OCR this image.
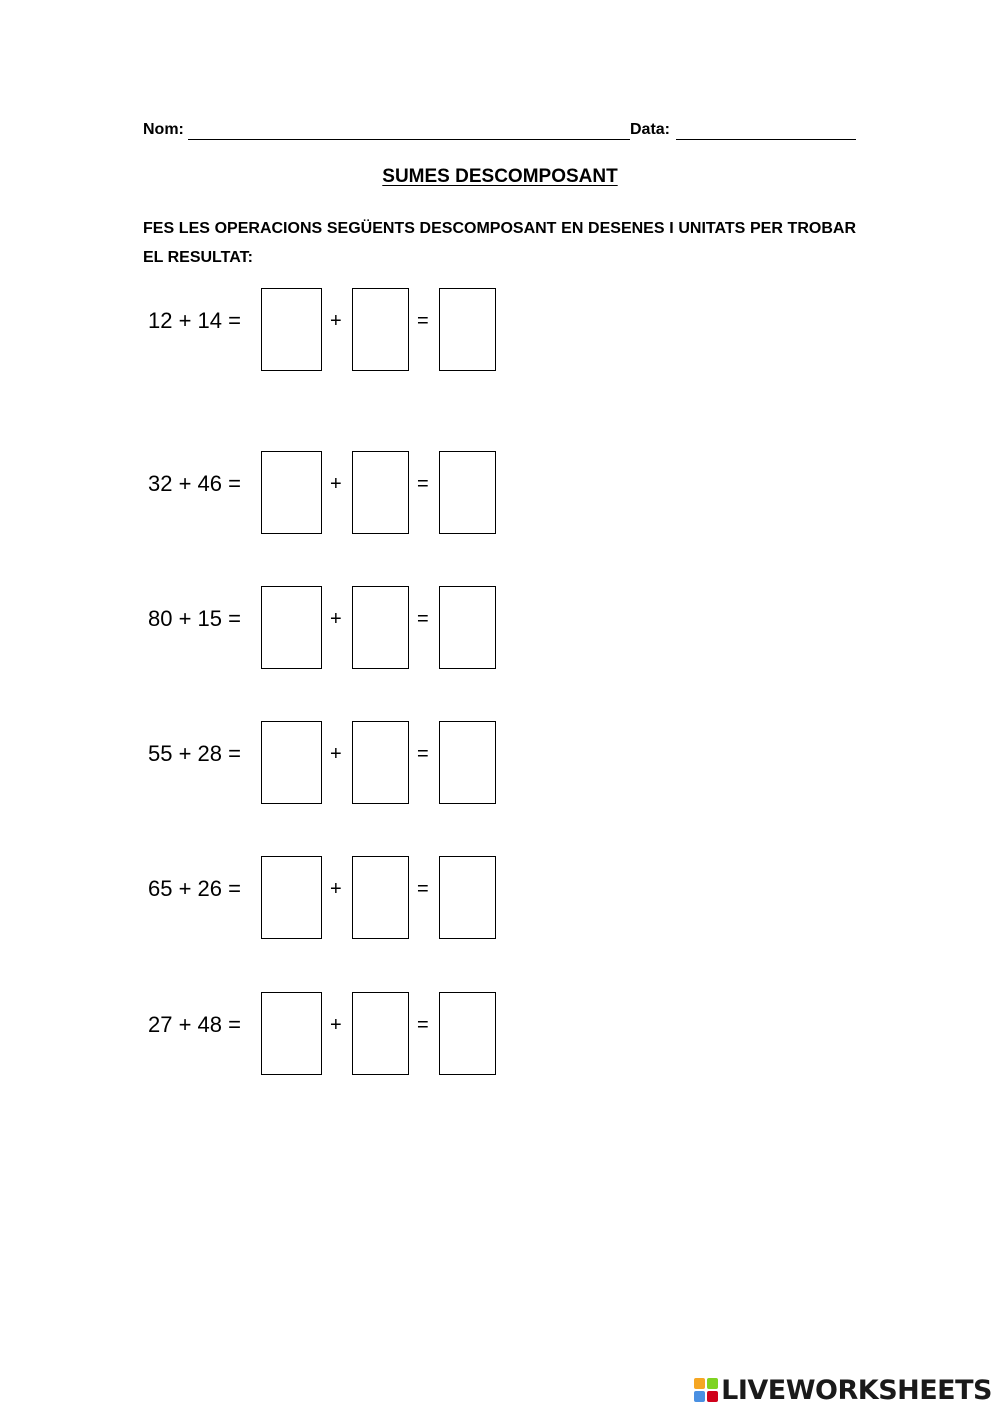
Nom:	Data:
SUMES DESCOMPOSANT
FES LES OPERACIONS SEGÜENTS DESCOMPOSANT EN DESENES I UNITATS PER TROBAR EL RESULTAT:
12 + 14 =	+	=
32 + 46 =	+	=
80 + 15 =	+	=
55 + 28 =	+	=
65 + 26 =	+	=
27 + 48 =	+	=
LIVEWORKSHEETS
